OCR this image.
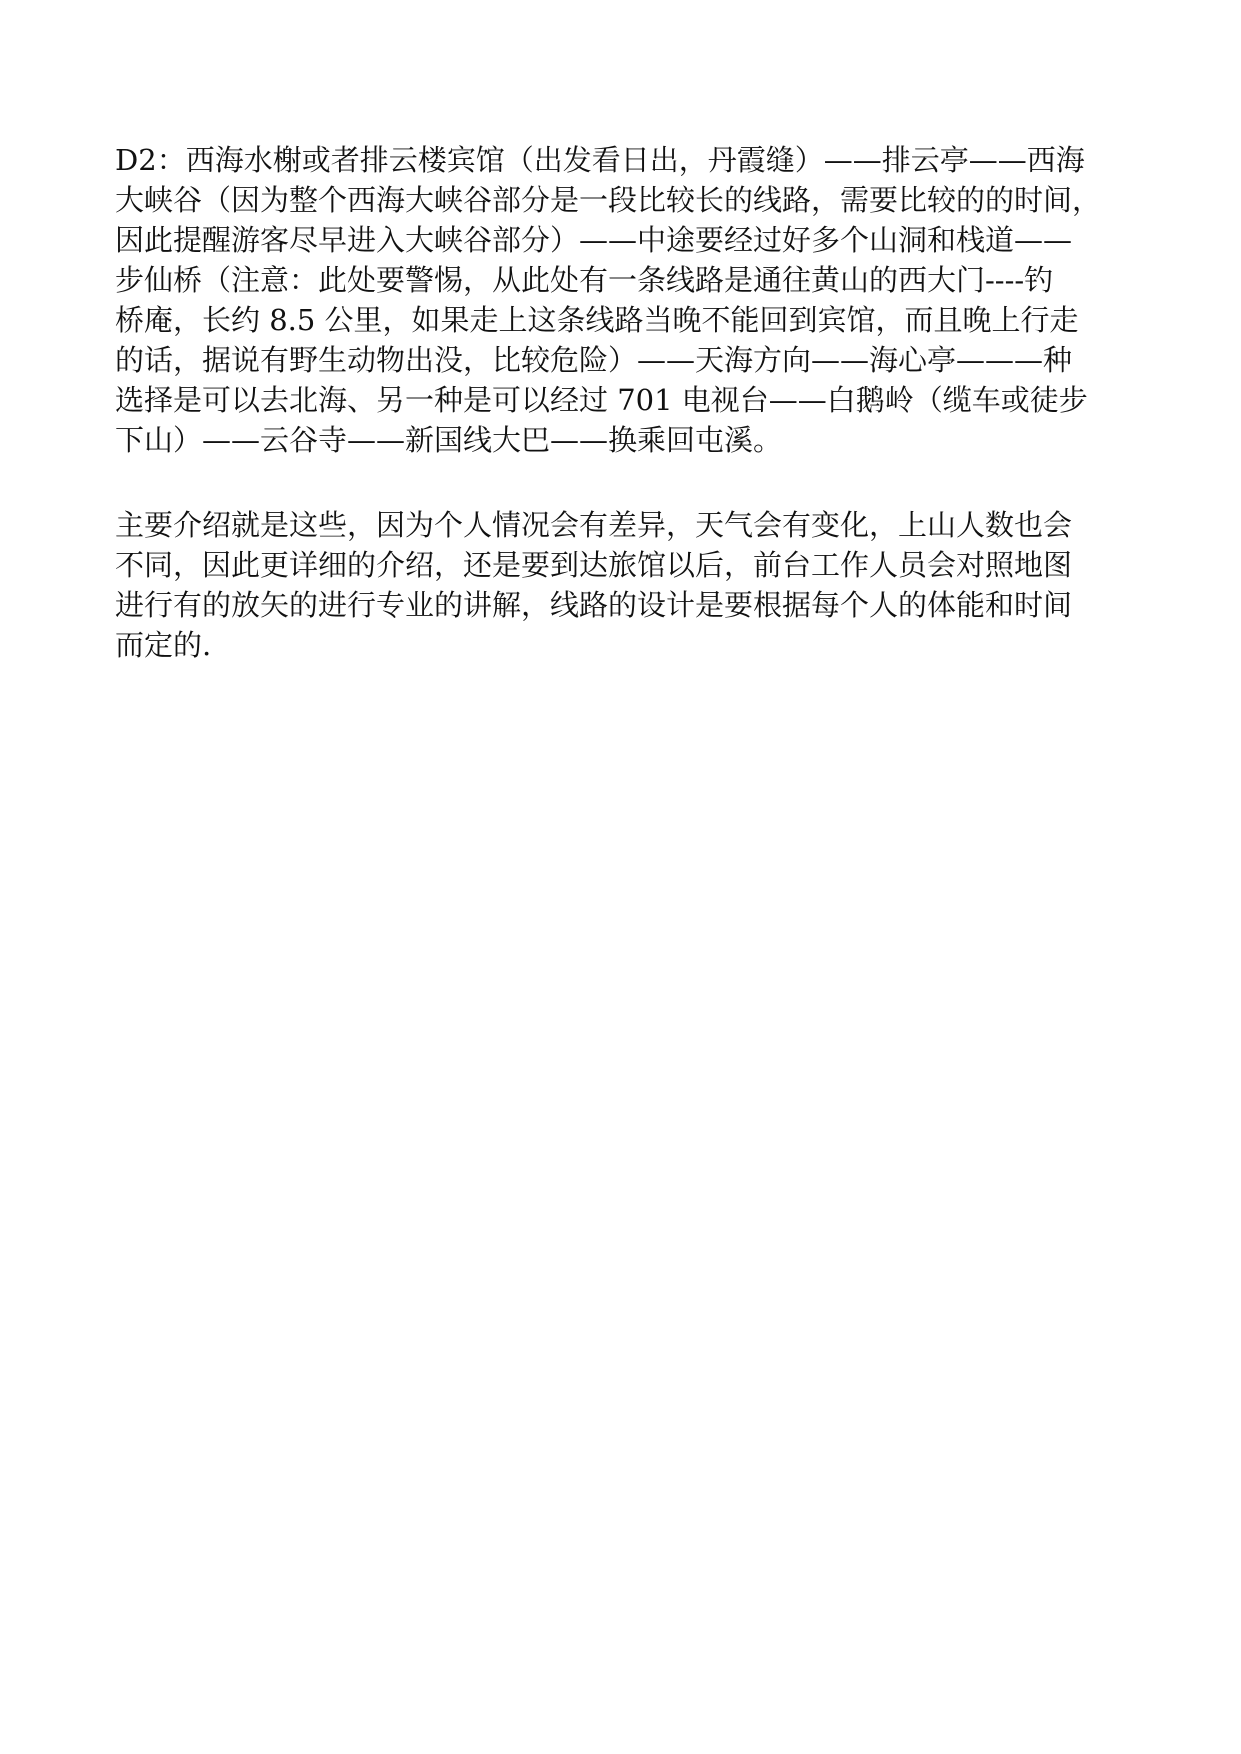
D2：西海水榭或者排云楼宾馆（出发看日出，丹霞缝）——排云亭——西海
大峡谷（因为整个西海大峡谷部分是一段比较长的线路，需要比较的的时间，
因此提醒游客尽早进入大峡谷部分）——中途要经过好多个山洞和栈道——
步仙桥（注意：此处要警惕，从此处有一条线路是通往黄山的西大门----钓
桥庵，长约 8.5 公里，如果走上这条线路当晚不能回到宾馆，而且晚上行走
的话，据说有野生动物出没，比较危险）——天海方向——海心亭———种
选择是可以去北海、另一种是可以经过 701 电视台——白鹅岭（缆车或徒步
下山）——云谷寺——新国线大巴——换乘回屯溪。

主要介绍就是这些，因为个人情况会有差异，天气会有变化，上山人数也会
不同，因此更详细的介绍，还是要到达旅馆以后，前台工作人员会对照地图
进行有的放矢的进行专业的讲解，线路的设计是要根据每个人的体能和时间
而定的.
